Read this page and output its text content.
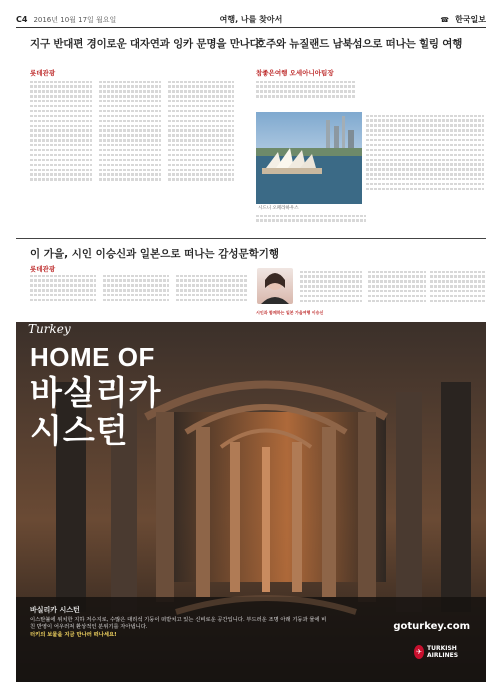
C4 2016년 10월 17일 월요일	여행, 나를 찾아서	☎ 한국일보
지구 반대편 경이로운 대자연과 잉카 문명을 만나다
롯데관광
호주와 뉴질랜드 남북섬으로 떠나는 힐링 여행
참좋은여행 오세아니아팀장
시드니 오페라하우스
이 가을, 시인 이승신과 일본으로 떠나는 감성문학기행
롯데관광
시인과 함께하는 일본 가을여행 이승신
Turkey
HOME OF
바실리카
시스턴
바실리카 시스턴
이스탄불에 위치한 지하 저수지로, 수많은 대리석 기둥이 떠받치고 있는 신비로운 공간입니다. 부드러운 조명 아래 기둥과 물에 비친 반영이 어우러져 환상적인 분위기를 자아냅니다.
터키의 보물을 지금 만나러 떠나세요!
goturkey.com
✈ TURKISH AIRLINES
